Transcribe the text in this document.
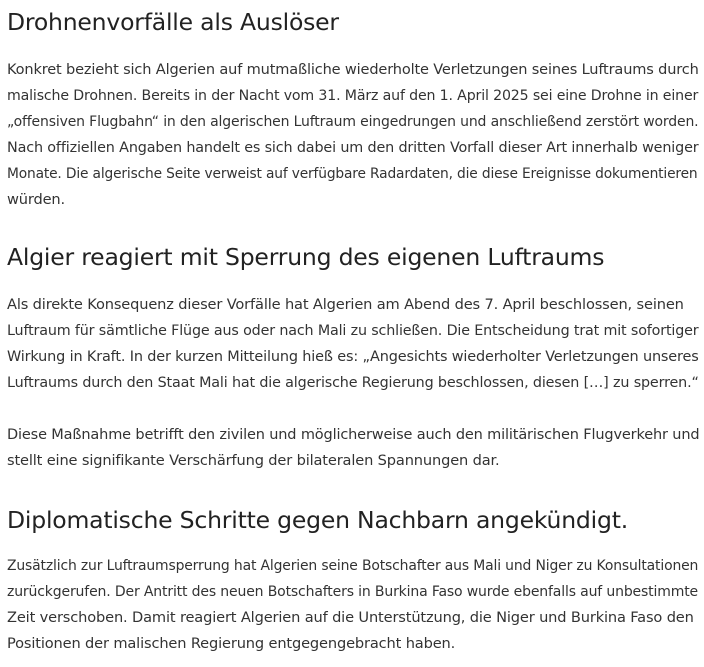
Drohnenvorfälle als Auslöser

Konkret bezieht sich Algerien auf mutmaßliche wiederholte Verletzungen seines Luftraums durch
malische Drohnen. Bereits in der Nacht vom 31. März auf den 1. April 2025 sei eine Drohne in einer
„offensiven Flugbahn“ in den algerischen Luftraum eingedrungen und anschließend zerstört worden.
Nach offiziellen Angaben handelt es sich dabei um den dritten Vorfall dieser Art innerhalb weniger
Monate. Die algerische Seite verweist auf verfügbare Radardaten, die diese Ereignisse dokumentieren
würden.

Algier reagiert mit Sperrung des eigenen Luftraums

Als direkte Konsequenz dieser Vorfälle hat Algerien am Abend des 7. April beschlossen, seinen
Luftraum für sämtliche Flüge aus oder nach Mali zu schließen. Die Entscheidung trat mit sofortiger
Wirkung in Kraft. In der kurzen Mitteilung hieß es: „Angesichts wiederholter Verletzungen unseres
Luftraums durch den Staat Mali hat die algerische Regierung beschlossen, diesen […] zu sperren.“

Diese Maßnahme betrifft den zivilen und möglicherweise auch den militärischen Flugverkehr und
stellt eine signifikante Verschärfung der bilateralen Spannungen dar.

Diplomatische Schritte gegen Nachbarn angekündigt.

Zusätzlich zur Luftraumsperrung hat Algerien seine Botschafter aus Mali und Niger zu Konsultationen
zurückgerufen. Der Antritt des neuen Botschafters in Burkina Faso wurde ebenfalls auf unbestimmte
Zeit verschoben. Damit reagiert Algerien auf die Unterstützung, die Niger und Burkina Faso den
Positionen der malischen Regierung entgegengebracht haben.
